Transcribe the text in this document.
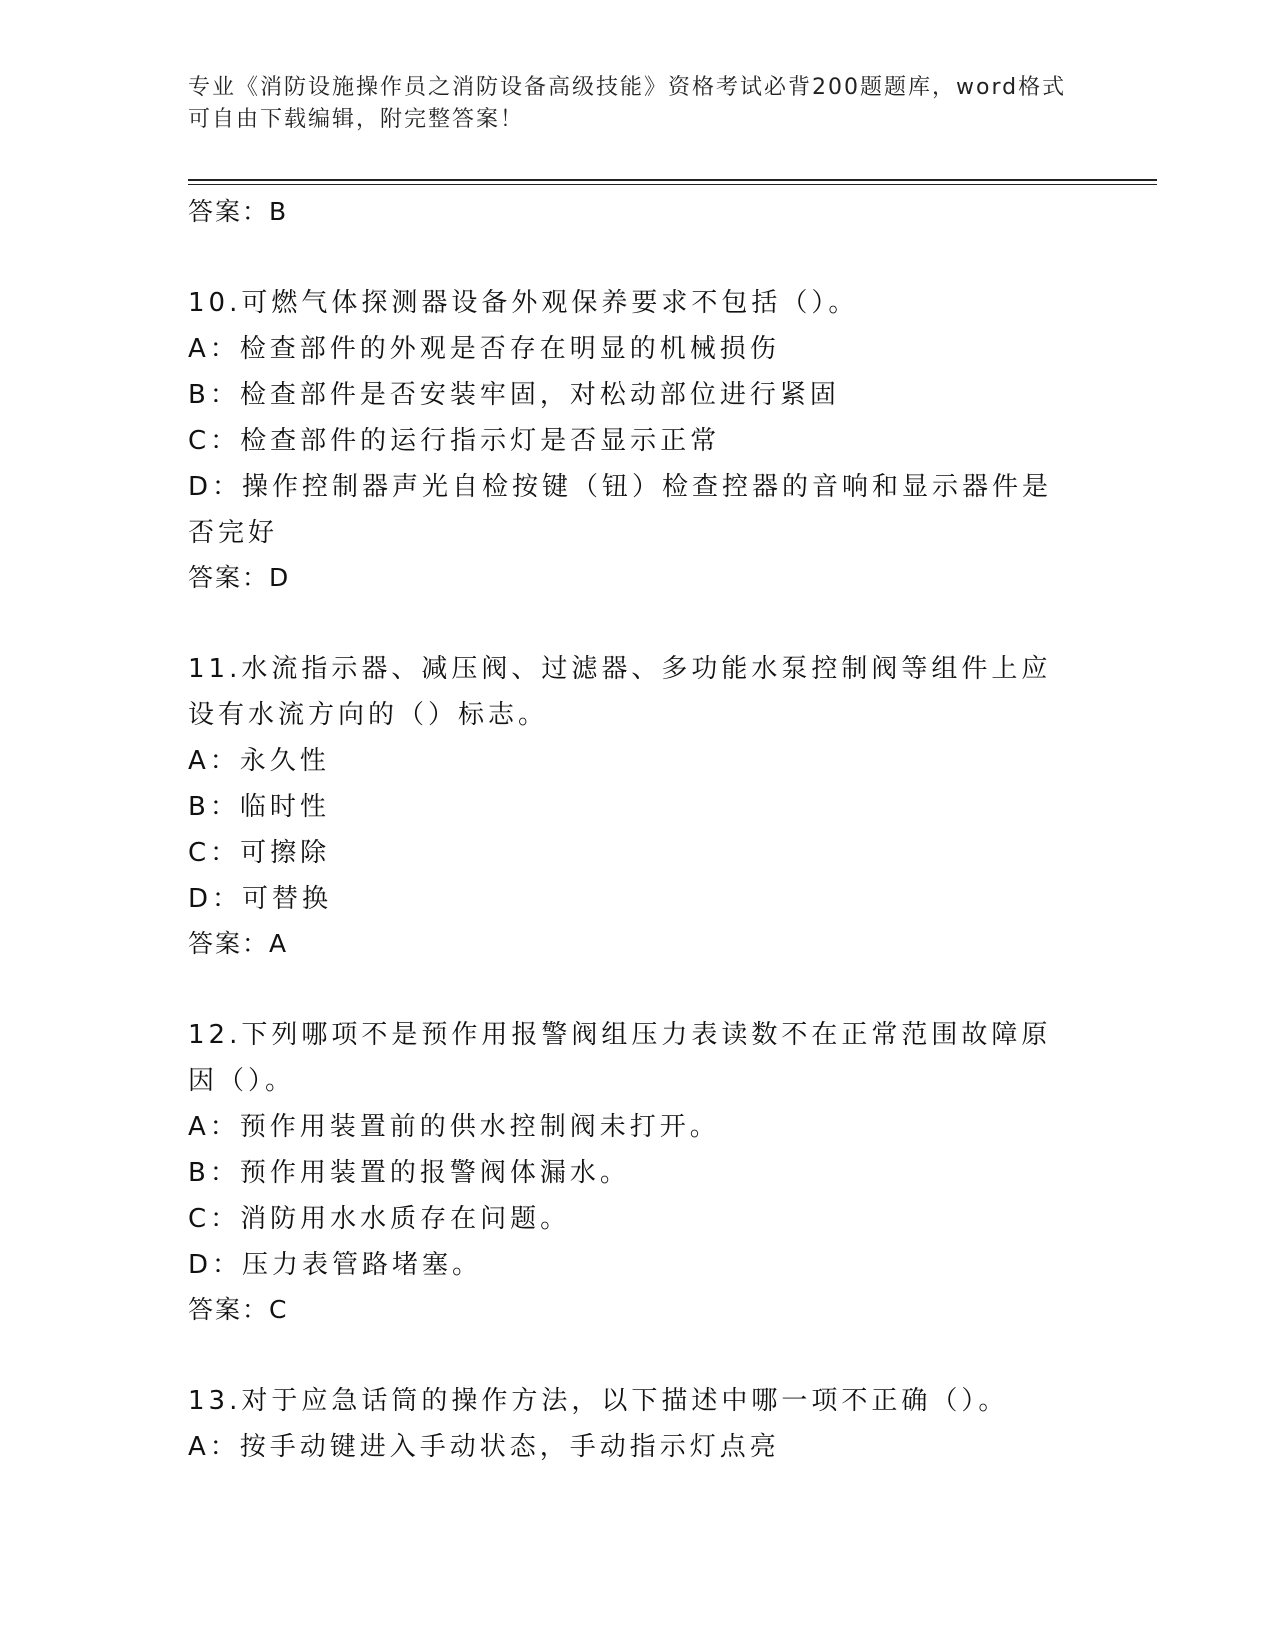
专业《消防设施操作员之消防设备高级技能》资格考试必背200题题库，word格式可自由下载编辑，附完整答案！
答案：B
10.可燃气体探测器设备外观保养要求不包括（）。
A：检查部件的外观是否存在明显的机械损伤
B：检查部件是否安装牢固，对松动部位进行紧固
C：检查部件的运行指示灯是否显示正常
D：操作控制器声光自检按键（钮）检查控器的音响和显示器件是否完好
答案：D
11.水流指示器、减压阀、过滤器、多功能水泵控制阀等组件上应设有水流方向的（）标志。
A：永久性
B：临时性
C：可擦除
D：可替换
答案：A
12.下列哪项不是预作用报警阀组压力表读数不在正常范围故障原因（）。
A：预作用装置前的供水控制阀未打开。
B：预作用装置的报警阀体漏水。
C：消防用水水质存在问题。
D：压力表管路堵塞。
答案：C
13.对于应急话筒的操作方法，以下描述中哪一项不正确（）。
A：按手动键进入手动状态，手动指示灯点亮
